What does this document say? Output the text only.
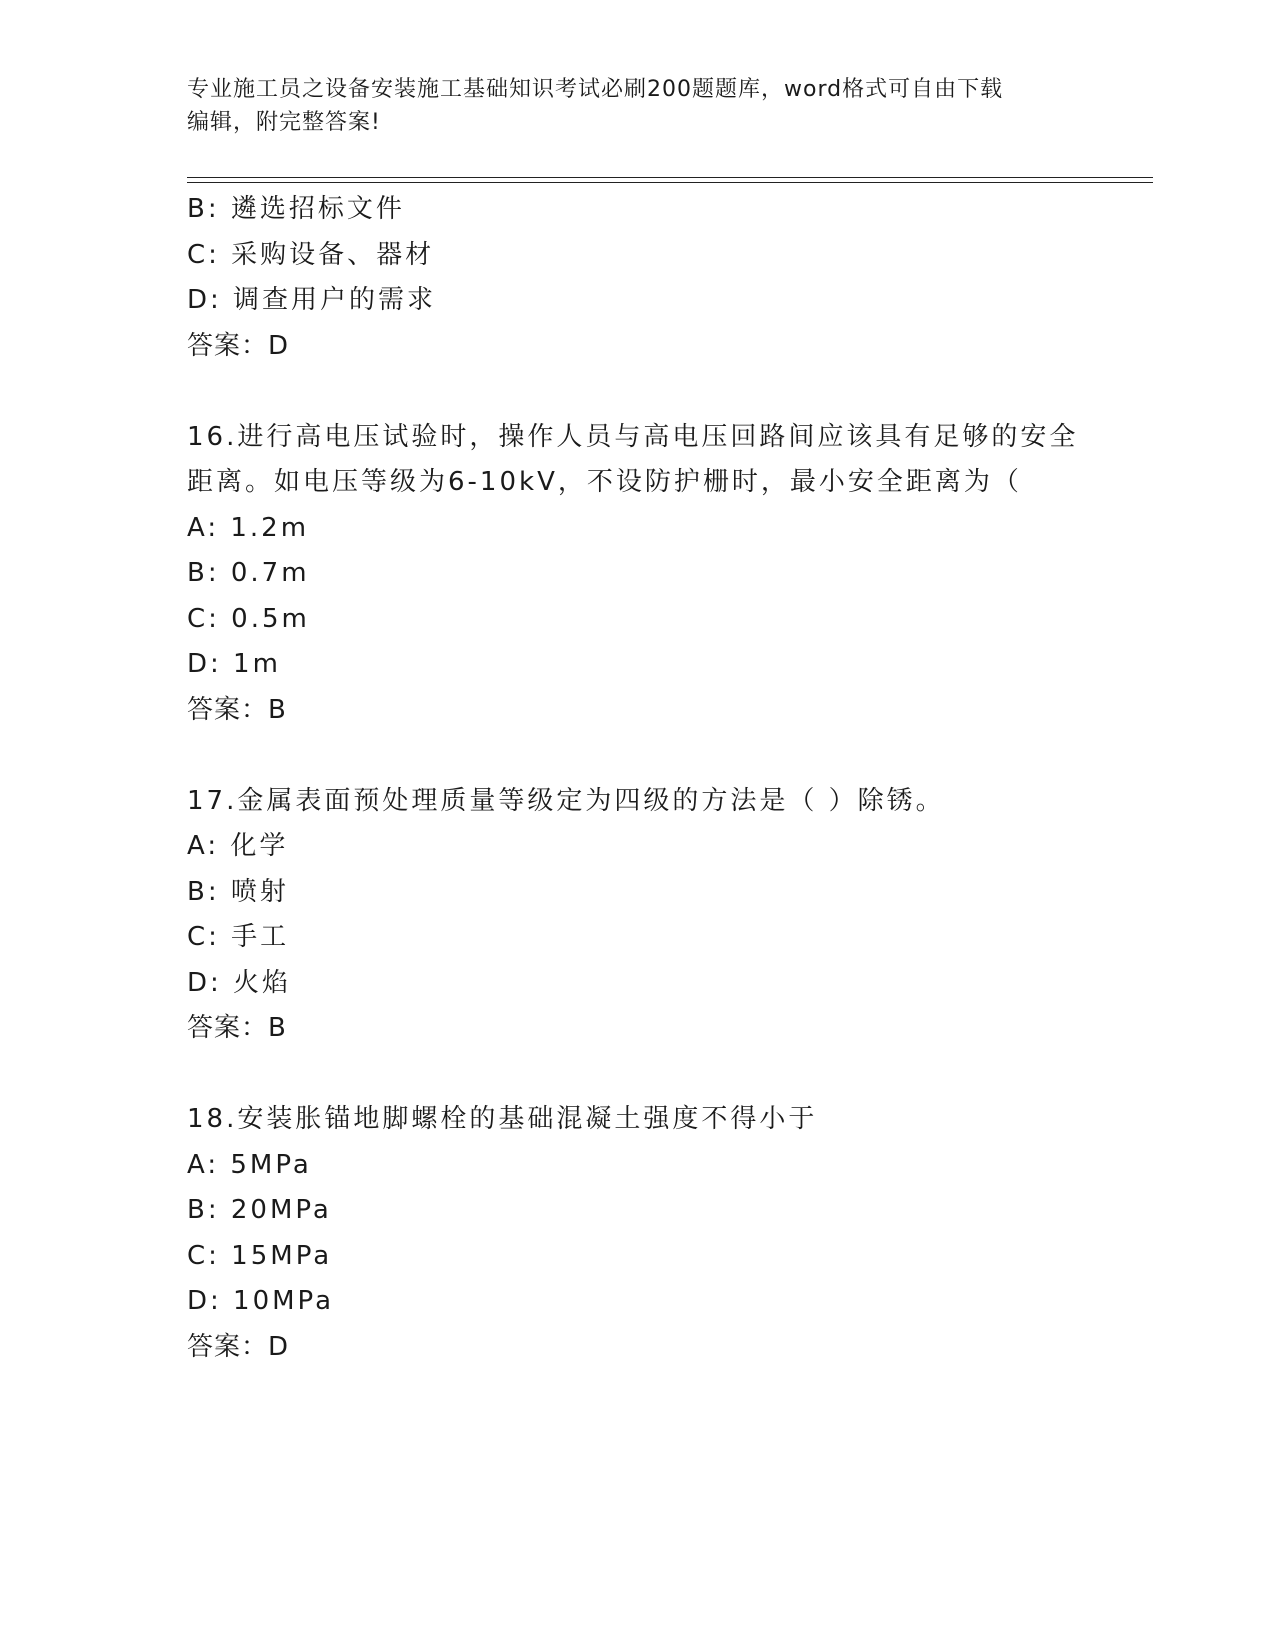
专业施工员之设备安装施工基础知识考试必刷200题题库，word格式可自由下载
编辑，附完整答案!
B: 遴选招标文件
C: 采购设备、器材
D: 调查用户的需求
答案：D
16.进行高电压试验时，操作人员与高电压回路间应该具有足够的安全
距离。如电压等级为6-10kV，不设防护栅时，最小安全距离为（
A: 1.2m
B: 0.7m
C: 0.5m
D: 1m
答案：B
17.金属表面预处理质量等级定为四级的方法是（ ）除锈。
A: 化学
B: 喷射
C: 手工
D: 火焰
答案：B
18.安装胀锚地脚螺栓的基础混凝土强度不得小于
A: 5MPa
B: 20MPa
C: 15MPa
D: 10MPa
答案：D
